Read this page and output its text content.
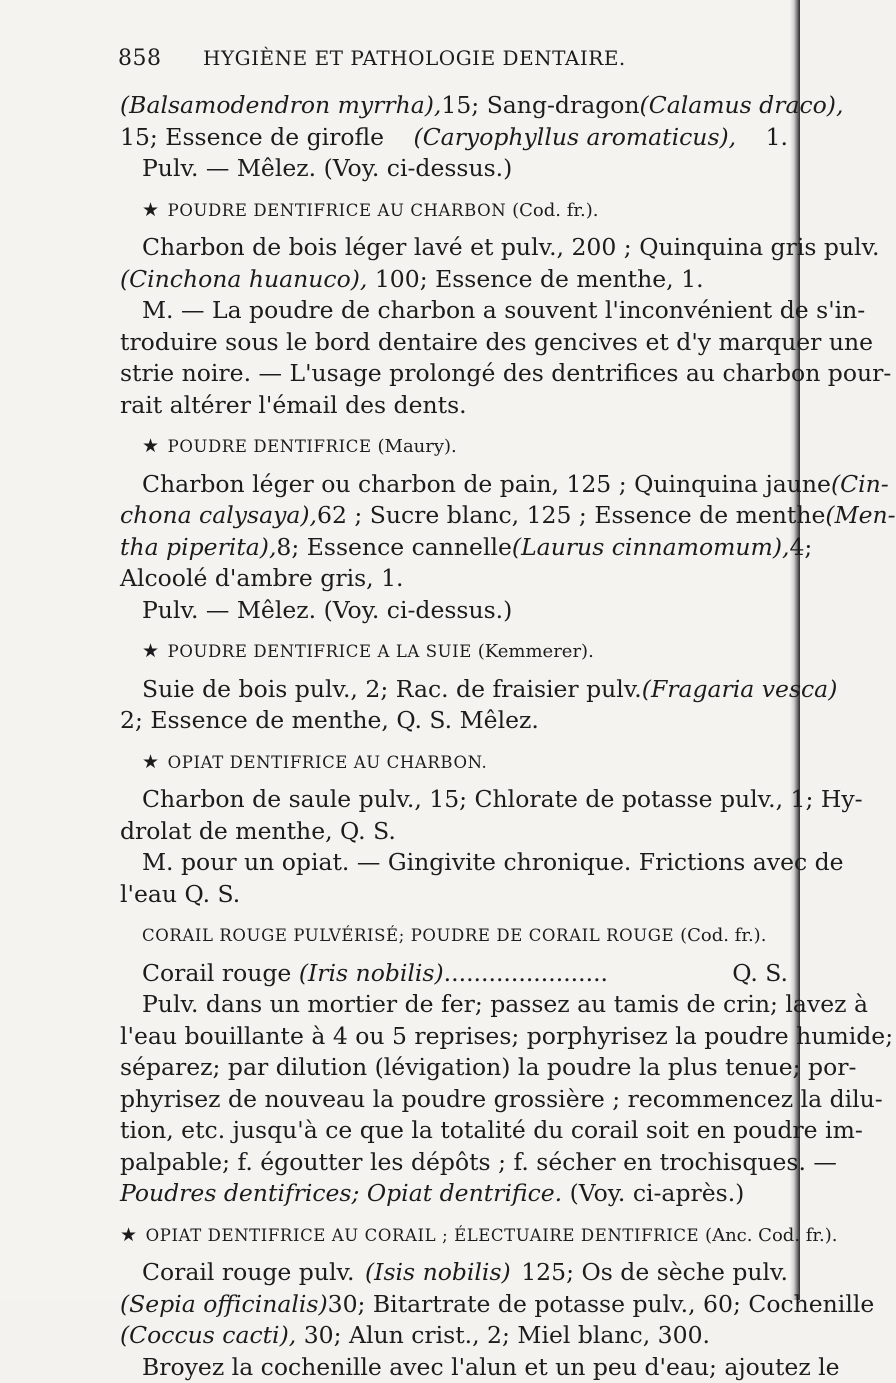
858 HYGIÈNE ET PATHOLOGIE DENTAIRE.
(Balsamodendron myrrha), 15; Sang-dragon (Calamus draco),
15; Essence de girofle (Caryophyllus aromaticus), 1.
Pulv. — Mêlez. (Voy. ci-dessus.)
★ POUDRE DENTIFRICE AU CHARBON (Cod. fr.).
Charbon de bois léger lavé et pulv., 200 ; Quinquina gris pulv.
(Cinchona huanuco),
100; Essence de menthe, 1.
M. — La poudre de charbon a souvent l'inconvénient de s'in-
troduire sous le bord dentaire des gencives et d'y marquer une
strie noire. — L'usage prolongé des dentrifices au charbon pour-
rait altérer l'émail des dents.
★ POUDRE DENTIFRICE (Maury).
Charbon léger ou charbon de pain, 125 ; Quinquina jaune (Cin-
chona calysaya), 62 ; Sucre blanc, 125 ; Essence de menthe (Men-
tha piperita), 8; Essence cannelle (Laurus cinnamomum), 4;
Alcoolé d'ambre gris, 1.
Pulv. — Mêlez. (Voy. ci-dessus.)
★ POUDRE DENTIFRICE A LA SUIE (Kemmerer).
Suie de bois pulv., 2; Rac. de fraisier pulv. (Fragaria vesca)
2; Essence de menthe, Q. S. Mêlez.
★ OPIAT DENTIFRICE AU CHARBON.
Charbon de saule pulv., 15; Chlorate de potasse pulv., 1; Hy-
drolat de menthe, Q. S.
M. pour un opiat. — Gingivite chronique. Frictions avec de
l'eau Q. S.
CORAIL ROUGE PULVÉRISÉ; POUDRE DE CORAIL ROUGE (Cod. fr.).
Corail rouge
(Iris nobilis) ......................
	Q. S.
Pulv. dans un mortier de fer; passez au tamis de crin; lavez à
l'eau bouillante à 4 ou 5 reprises; porphyrisez la poudre humide;
séparez; par dilution (lévigation) la poudre la plus tenue; por-
phyrisez de nouveau la poudre grossière ; recommencez la dilu-
tion, etc. jusqu'à ce que la totalité du corail soit en poudre im-
palpable; f. égoutter les dépôts ; f. sécher en trochisques. —
Poudres dentifrices; Opiat dentrifice.
(Voy. ci-après.)
★ OPIAT DENTIFRICE AU CORAIL ; ÉLECTUAIRE DENTIFRICE (Anc. Cod. fr.).
Corail rouge pulv. (Isis nobilis) 125; Os de sèche pulv.
(Sepia officinalis) 30; Bitartrate de potasse pulv., 60; Cochenille
(Coccus cacti),
30; Alun crist., 2; Miel blanc, 300.
Broyez la cochenille avec l'alun et un peu d'eau; ajoutez le
